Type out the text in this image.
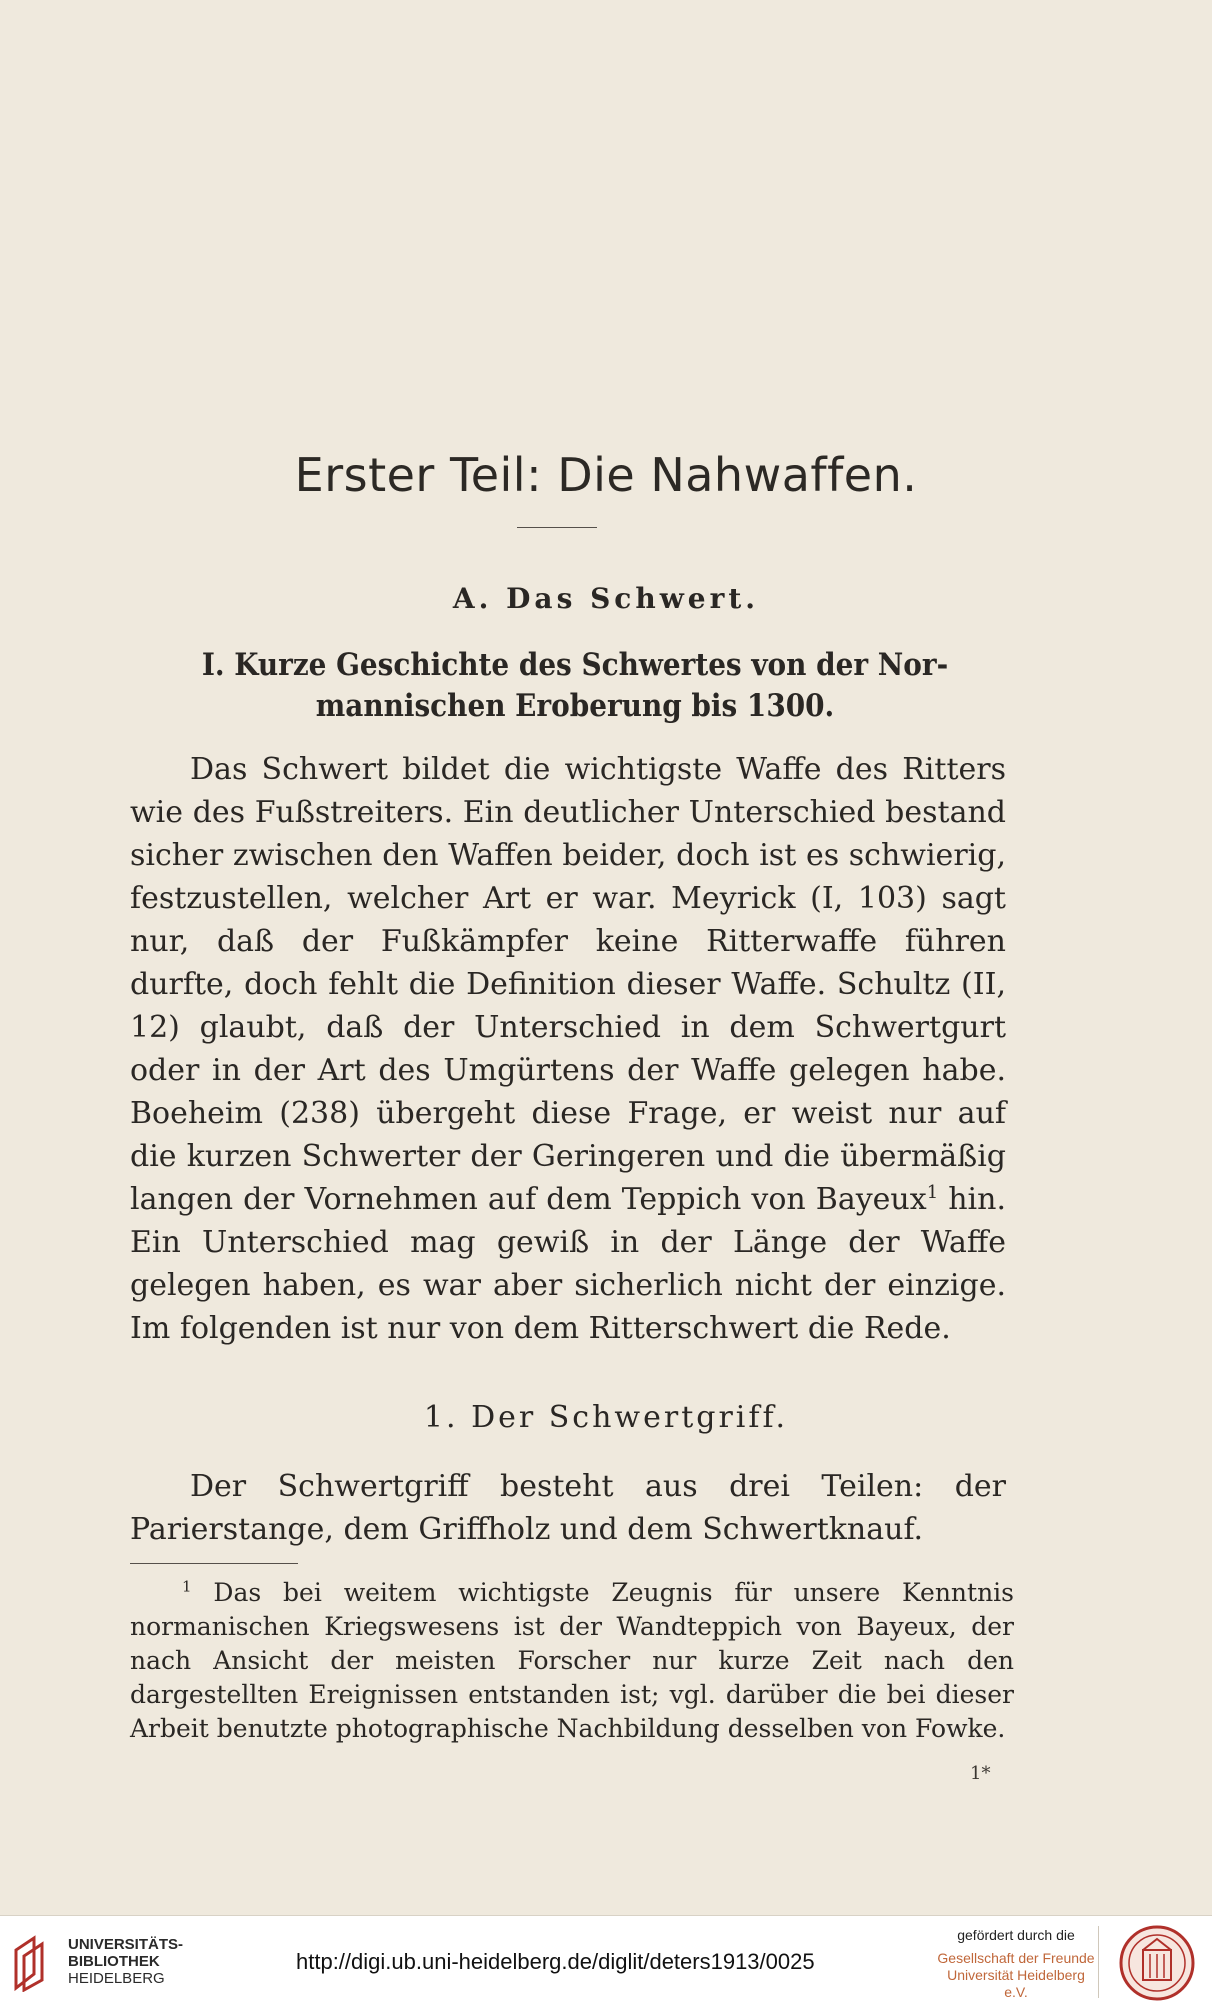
Erster Teil: Die Nahwaffen.
A. Das Schwert.
I. Kurze Geschichte des Schwertes von der Nor-
mannischen Eroberung bis 1300.

Das Schwert bildet die wichtigste Waffe des Ritters wie des Fußstreiters. Ein deutlicher Unterschied bestand sicher zwischen den Waffen beider, doch ist es schwierig, festzustellen, welcher Art er war. Meyrick (I, 103) sagt nur, daß der Fußkämpfer keine Ritterwaffe führen durfte, doch fehlt die Definition dieser Waffe. Schultz (II, 12) glaubt, daß der Unterschied in dem Schwertgurt oder in der Art des Umgürtens der Waffe gelegen habe. Boeheim (238) übergeht diese Frage, er weist nur auf die kurzen Schwerter der Geringeren und die übermäßig langen der Vornehmen auf dem Teppich von Bayeux$^1$ hin. Ein Unterschied mag gewiß in der Länge der Waffe gelegen haben, es war aber sicherlich nicht der einzige. Im folgenden ist nur von dem Ritterschwert die Rede.

1. Der Schwertgriff.

Der Schwertgriff besteht aus drei Teilen: der Parierstange, dem Griffholz und dem Schwertknauf.

$^1$ Das bei weitem wichtigste Zeugnis für unsere Kenntnis normanischen Kriegswesens ist der Wandteppich von Bayeux, der nach Ansicht der meisten Forscher nur kurze Zeit nach den dargestellten Ereignissen entstanden ist; vgl. darüber die bei dieser Arbeit benutzte photographische Nachbildung desselben von Fowke.

1*
UNIVERSITÄTS-
BIBLIOTHEK
HEIDELBERG
http://digi.ub.uni-heidelberg.de/diglit/deters1913/0025
gefördert durch die
Gesellschaft der Freunde
Universität Heidelberg e.V.
